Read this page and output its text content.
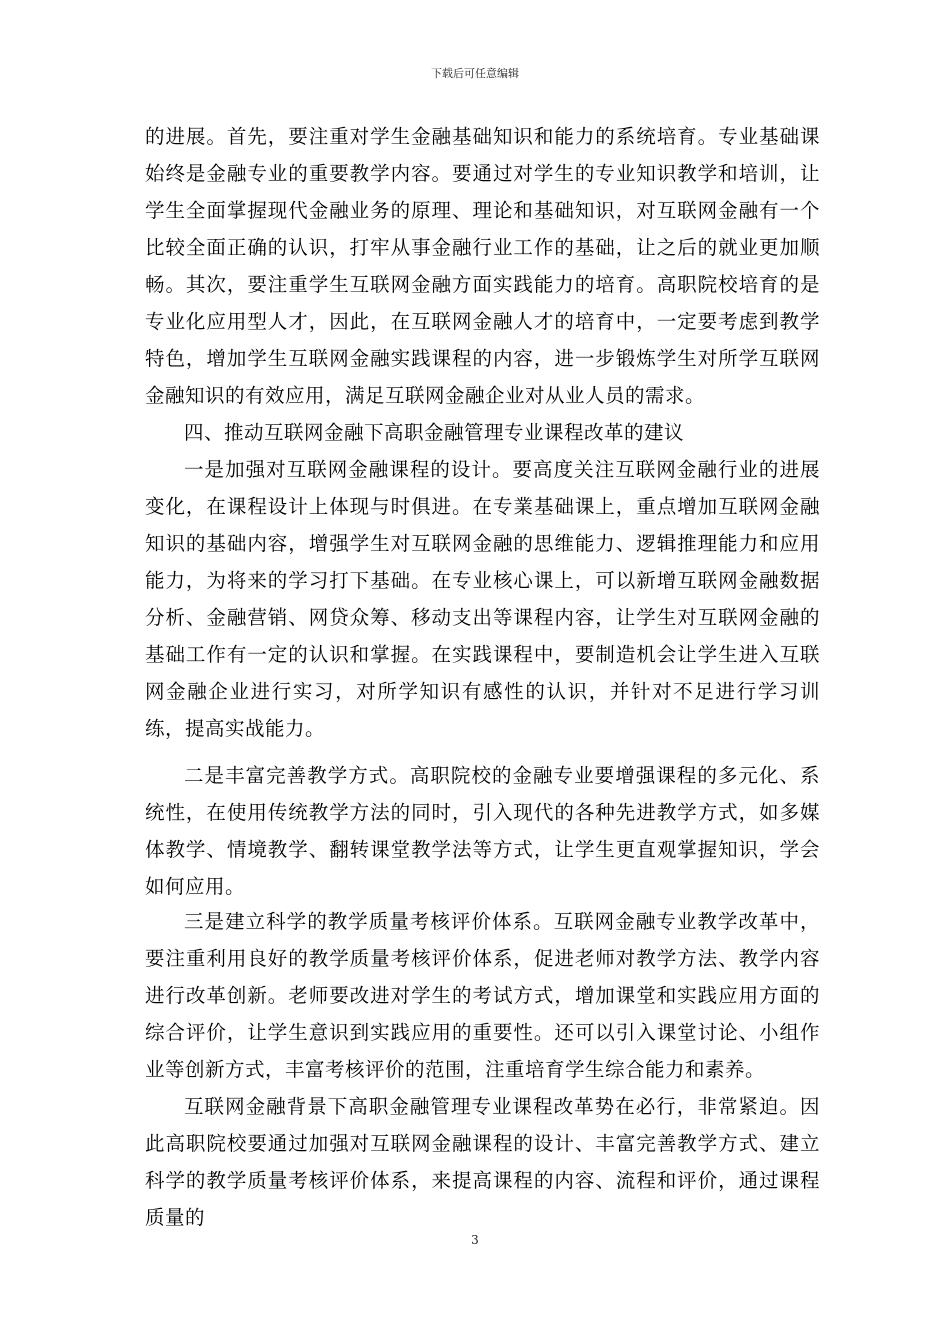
下载后可任意编辑

的进展。首先，要注重对学生金融基础知识和能力的系统培育。专业基础课始终是金融专业的重要教学内容。要通过对学生的专业知识教学和培训，让学生全面掌握现代金融业务的原理、理论和基础知识，对互联网金融有一个比较全面正确的认识，打牢从事金融行业工作的基础，让之后的就业更加顺畅。其次，要注重学生互联网金融方面实践能力的培育。高职院校培育的是专业化应用型人才，因此，在互联网金融人才的培育中，一定要考虑到教学特色，增加学生互联网金融实践课程的内容，进一步锻炼学生对所学互联网金融知识的有效应用，满足互联网金融企业对从业人员的需求。

四、推动互联网金融下高职金融管理专业课程改革的建议

一是加强对互联网金融课程的设计。要高度关注互联网金融行业的进展变化，在课程设计上体现与时俱进。在专業基础课上，重点增加互联网金融知识的基础内容，增强学生对互联网金融的思维能力、逻辑推理能力和应用能力，为将来的学习打下基础。在专业核心课上，可以新增互联网金融数据分析、金融营销、网贷众筹、移动支出等课程内容，让学生对互联网金融的基础工作有一定的认识和掌握。在实践课程中，要制造机会让学生进入互联网金融企业进行实习，对所学知识有感性的认识，并针对不足进行学习训练，提高实战能力。

二是丰富完善教学方式。高职院校的金融专业要增强课程的多元化、系统性，在使用传统教学方法的同时，引入现代的各种先进教学方式，如多媒体教学、情境教学、翻转课堂教学法等方式，让学生更直观掌握知识，学会如何应用。

三是建立科学的教学质量考核评价体系。互联网金融专业教学改革中，要注重利用良好的教学质量考核评价体系，促进老师对教学方法、教学内容进行改革创新。老师要改进对学生的考试方式，增加课堂和实践应用方面的综合评价，让学生意识到实践应用的重要性。还可以引入课堂讨论、小组作业等创新方式，丰富考核评价的范围，注重培育学生综合能力和素养。

互联网金融背景下高职金融管理专业课程改革势在必行，非常紧迫。因此高职院校要通过加强对互联网金融课程的设计、丰富完善教学方式、建立科学的教学质量考核评价体系，来提高课程的内容、流程和评价，通过课程质量的

3
